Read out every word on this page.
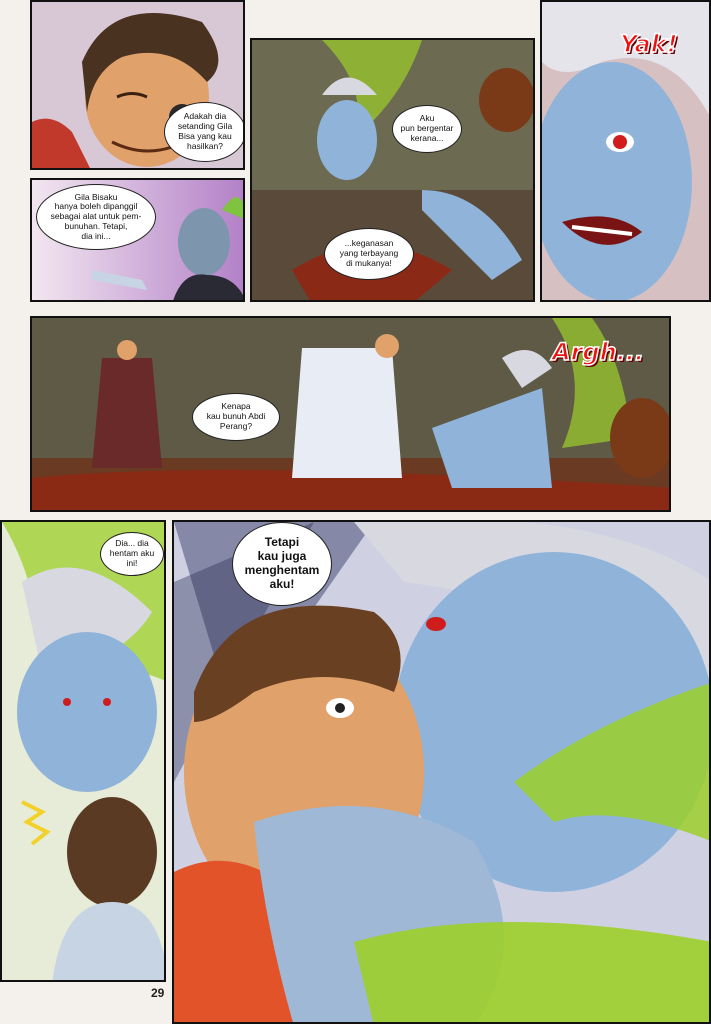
Adakah dia
setanding Gila
Bisa yang kau
hasilkan?
Gila Bisaku
hanya boleh dipanggil
sebagai alat untuk pem-
bunuhan. Tetapi,
dia ini...
Aku
pun bergentar
kerana...
...keganasan
yang terbayang
di mukanya!
Yak!
Kenapa
kau bunuh Abdi
Perang?
Argh...
Dia... dia
hentam aku
ini!
Tetapi
kau juga
menghentam
aku!
29
